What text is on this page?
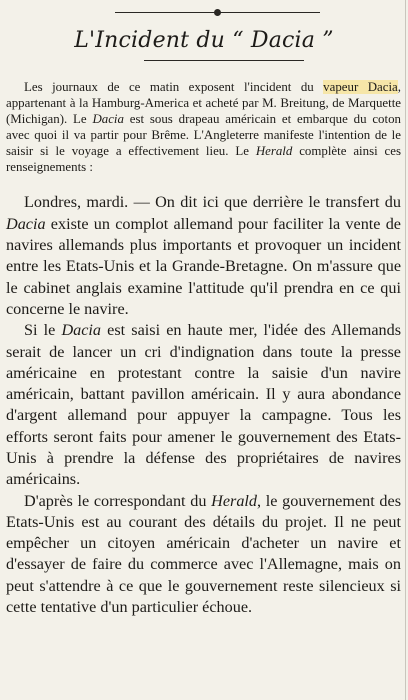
L'Incident du “ Dacia ”

Les journaux de ce matin exposent l'incident du vapeur Dacia, appartenant à la Hamburg-America et acheté par M. Breitung, de Marquette (Michigan). Le Dacia est sous drapeau américain et embarque du coton avec quoi il va partir pour Brême. L'Angleterre manifeste l'intention de le saisir si le voyage a effectivement lieu. Le Herald complète ainsi ces renseignements :

Londres, mardi. — On dit ici que derrière le transfert du Dacia existe un complot allemand pour faciliter la vente de navires allemands plus importants et provoquer un incident entre les Etats-Unis et la Grande-Bretagne. On m'assure que le cabinet anglais examine l'attitude qu'il prendra en ce qui concerne le navire.

Si le Dacia est saisi en haute mer, l'idée des Allemands serait de lancer un cri d'indignation dans toute la presse américaine en protestant contre la saisie d'un navire américain, battant pavillon américain. Il y aura abondance d'argent allemand pour appuyer la campagne. Tous les efforts seront faits pour amener le gouvernement des Etats-Unis à prendre la défense des propriétaires de navires américains.

D'après le correspondant du Herald, le gouvernement des Etats-Unis est au courant des détails du projet. Il ne peut empêcher un citoyen américain d'acheter un navire et d'essayer de faire du commerce avec l'Allemagne, mais on peut s'attendre à ce que le gouvernement reste silencieux si cette tentative d'un particulier échoue.
